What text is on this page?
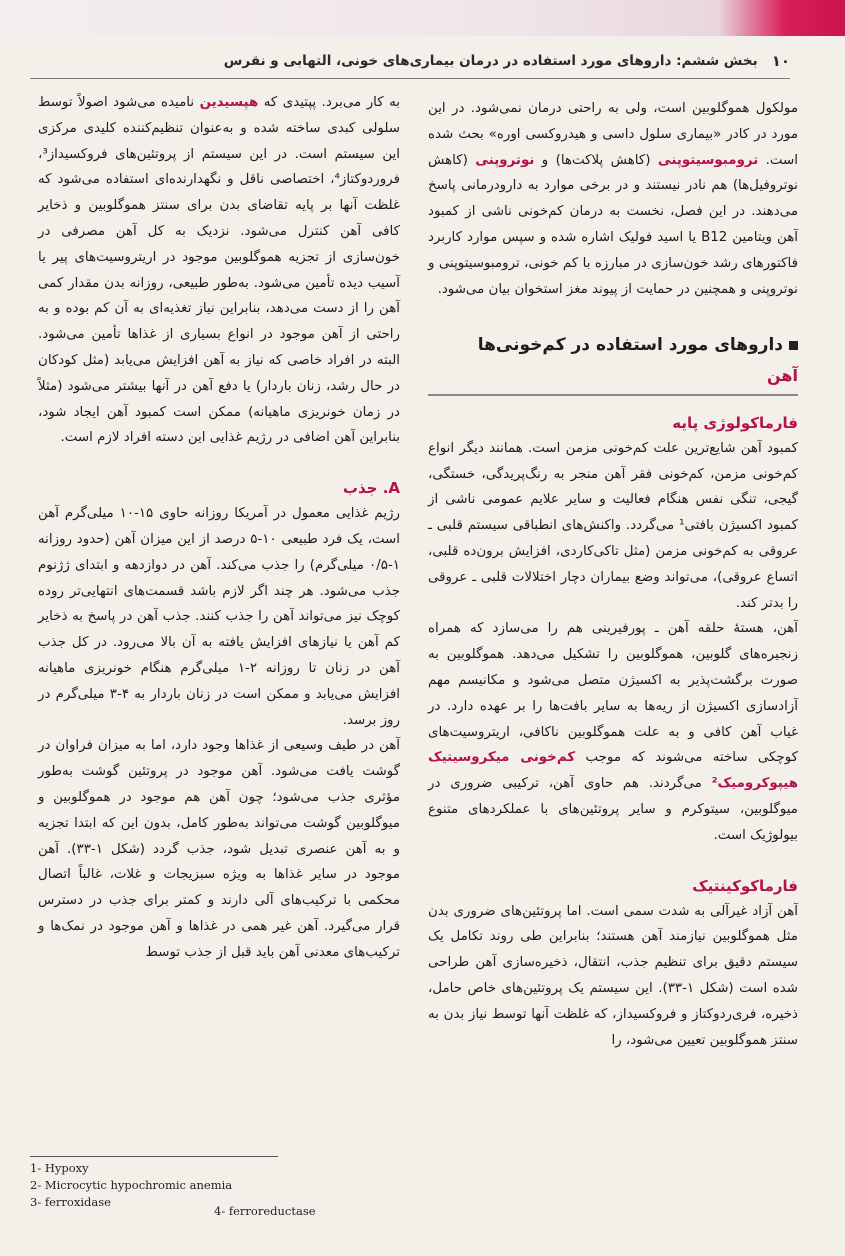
۱۰
بخش ششم: داروهای مورد استفاده در درمان بیماری‌های خونی، التهابی و نقرس

مولکول هموگلوبین است، ولی به راحتی درمان نمی‌شود. در این مورد در کادر «بیماری سلول داسی و هیدروکسی اوره» بحث شده است. ترومبوسیتوپنی (کاهش پلاکت‌ها) و نوتروپنی (کاهش نوتروفیل‌ها) هم نادر نیستند و در برخی موارد به دارودرمانی پاسخ می‌دهند. در این فصل، نخست به درمان کم‌خونی ناشی از کمبود آهن ویتامین B12 یا اسید فولیک اشاره شده و سپس موارد کاربرد فاکتورهای رشد خون‌سازی در مبارزه با کم خونی، ترومبوسیتوپنی و نوتروپنی و همچنین در حمایت از پیوند مغز استخوان بیان می‌شود.

داروهای مورد استفاده در کم‌خونی‌ها
آهن
فارماکولوژی پایه

کمبود آهن شایع‌ترین علت کم‌خونی مزمن است. همانند دیگر انواع کم‌خونی مزمن، کم‌خونی فقر آهن منجر به رنگ‌پریدگی، خستگی، گیجی، تنگی نفس هنگام فعالیت و سایر علایم عمومی ناشی از کمبود اکسیژن بافتی¹ می‌گردد. واکنش‌های انطباقی سیستم قلبی ـ عروقی به کم‌خونی مزمن (مثل تاکی‌کاردی، افزایش برون‌ده قلبی، اتساع عروقی)، می‌تواند وضع بیماران دچار اختلالات قلبی ـ عروقی را بدتر کند.

آهن، هستهٔ حلقه آهن ـ پورفیرینی هم را می‌سازد که همراه زنجیره‌های گلوبین، هموگلوبین را تشکیل می‌دهد. هموگلوبین به صورت برگشت‌پذیر به اکسیژن متصل می‌شود و مکانیسم مهم آزادسازی اکسیژن از ریه‌ها به سایر بافت‌ها را بر عهده دارد. در غیاب آهن کافی و به علت هموگلوبین ناکافی، اریتروسیت‌های کوچکی ساخته می‌شوند که موجب کم‌خونی میکروسیتیک هیپوکرومیک² می‌گردند. هم حاوی آهن، ترکیبی ضروری در میوگلوبین، سیتوکرم و سایر پروتئین‌های با عملکردهای متنوع بیولوژیک است.

فارماکوکینتیک

آهن آزاد غیرآلی به شدت سمی است. اما پروتئین‌های ضروری بدن مثل هموگلوبین نیازمند آهن هستند؛ بنابراین طی روند تکامل یک سیستم دقیق برای تنظیم جذب، انتقال، ذخیره‌سازی آهن طراحی شده است (شکل ۱-۳۳). این سیستم یک پروتئین‌های خاص حامل، ذخیره، فری‌ردوکتاز و فروکسیداز، که غلظت آنها توسط نیاز بدن به سنتز هموگلوبین تعیین می‌شود، را

به کار می‌برد. پپتیدی که هپسیدین نامیده می‌شود اصولاً توسط سلولی کبدی ساخته شده و به‌عنوان تنظیم‌کننده کلیدی مرکزی این سیستم است. در این سیستم از پروتئین‌های فروکسیداز³، فروردوکتاز⁴، اختصاصی ناقل و نگهدارنده‌ای استفاده می‌شود که غلظت آنها بر پایه تقاضای بدن برای سنتز هموگلوبین و ذخایر کافی آهن کنترل می‌شود. نزدیک به کل آهن مصرفی در خون‌سازی از تجزیه هموگلوبین موجود در اریتروسیت‌های پیر یا آسیب دیده تأمین می‌شود. به‌طور طبیعی، روزانه بدن مقدار کمی آهن را از دست می‌دهد، بنابراین نیاز تغذیه‌ای به آن کم بوده و به راحتی از آهن موجود در انواع بسیاری از غذاها تأمین می‌شود. البته در افراد خاصی که نیاز به آهن افزایش می‌یابد (مثل کودکان در حال رشد، زنان باردار) یا دفع آهن در آنها بیشتر می‌شود (مثلاً در زمان خونریزی ماهیانه) ممکن است کمبود آهن ایجاد شود، بنابراین آهن اضافی در رژیم غذایی این دسته افراد لازم است.

A. جذب

رژیم غذایی معمول در آمریکا روزانه حاوی ۱۵-۱۰ میلی‌گرم آهن است، یک فرد طبیعی ۱۰-۵ درصد از این میزان آهن (حدود روزانه ۱-۰/۵ میلی‌گرم) را جذب می‌کند. آهن در دوازدهه و ابتدای ژژنوم جذب می‌شود. هر چند اگر لازم باشد قسمت‌های انتهایی‌تر روده کوچک نیز می‌تواند آهن را جذب کنند. جذب آهن در پاسخ به ذخایر کم آهن یا نیازهای افزایش یافته به آن بالا می‌رود. در کل جذب آهن در زنان تا روزانه ۲-۱ میلی‌گرم هنگام خونریزی ماهیانه افزایش می‌یابد و ممکن است در زنان باردار به ۴-۳ میلی‌گرم در روز برسد.

آهن در طیف وسیعی از غذاها وجود دارد، اما به میزان فراوان در گوشت یافت می‌شود. آهن موجود در پروتئین گوشت به‌طور مؤثری جذب می‌شود؛ چون آهن هم موجود در هموگلوبین و میوگلوبین گوشت می‌تواند به‌طور کامل، بدون این که ابتدا تجزیه و به آهن عنصری تبدیل شود، جذب گردد (شکل ۱-۳۳). آهن موجود در سایر غذاها به ویژه سبزیجات و غلات، غالباً اتصال محکمی با ترکیب‌های آلی دارند و کمتر برای جذب در دسترس قرار می‌گیرد. آهن غیر همی در غذاها و آهن موجود در نمک‌ها و ترکیب‌های معدنی آهن باید قبل از جذب توسط

1- Hypoxy
2- Microcytic hypochromic anemia
3- ferroxidase
4- ferroreductase
